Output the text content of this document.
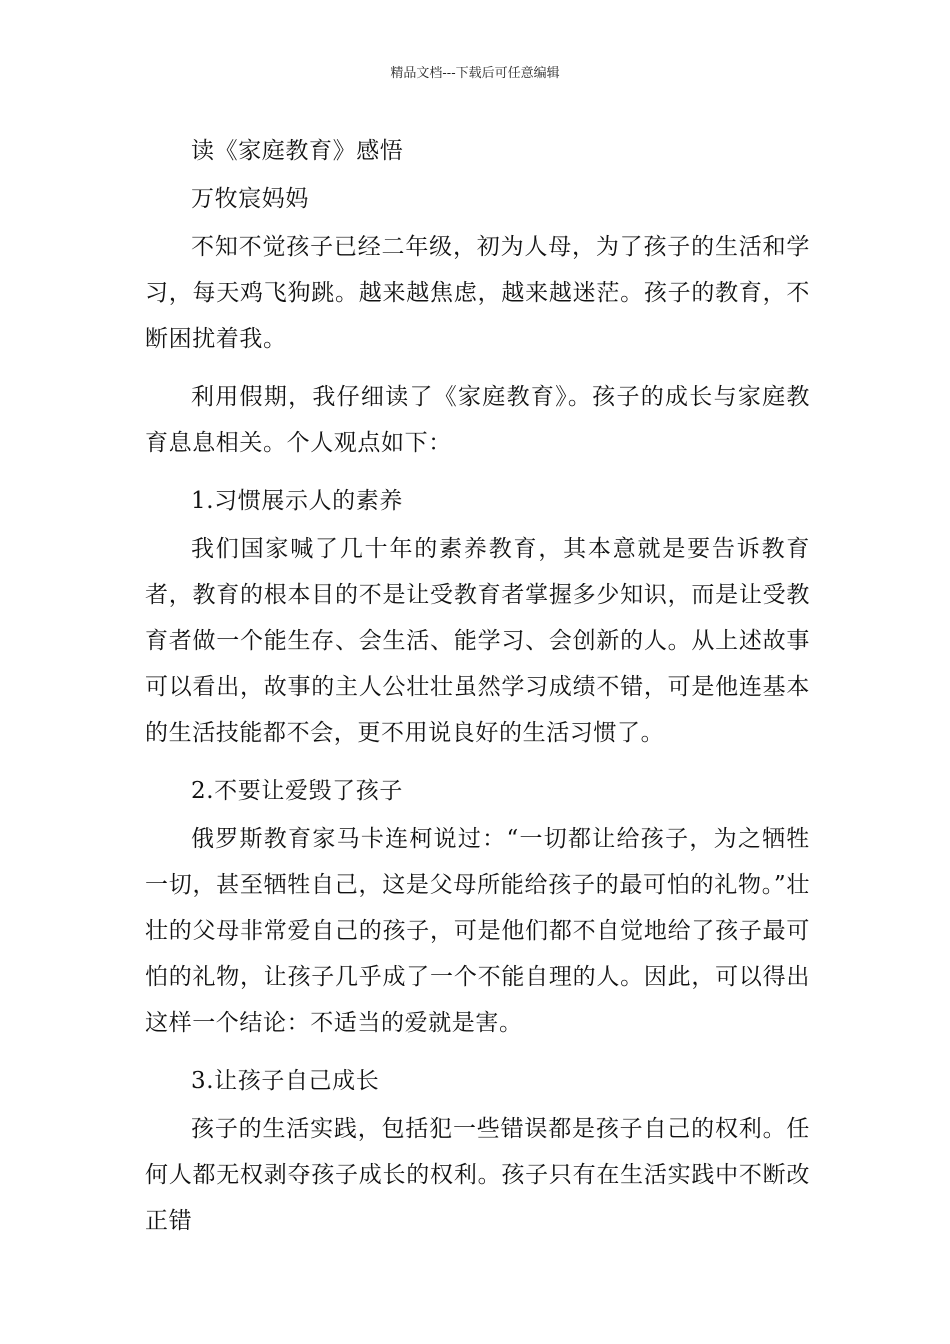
精品文档---下载后可任意编辑

读《家庭教育》感悟

万牧宸妈妈

不知不觉孩子已经二年级，初为人母，为了孩子的生活和学习，每天鸡飞狗跳。越来越焦虑，越来越迷茫。孩子的教育，不断困扰着我。

利用假期，我仔细读了《家庭教育》。孩子的成长与家庭教育息息相关。个人观点如下：

1.习惯展示人的素养

我们国家喊了几十年的素养教育，其本意就是要告诉教育者，教育的根本目的不是让受教育者掌握多少知识，而是让受教育者做一个能生存、会生活、能学习、会创新的人。从上述故事可以看出，故事的主人公壮壮虽然学习成绩不错，可是他连基本的生活技能都不会，更不用说良好的生活习惯了。

2.不要让爱毁了孩子

俄罗斯教育家马卡连柯说过：“一切都让给孩子，为之牺牲一切，甚至牺牲自己，这是父母所能给孩子的最可怕的礼物。”壮壮的父母非常爱自己的孩子，可是他们都不自觉地给了孩子最可怕的礼物，让孩子几乎成了一个不能自理的人。因此，可以得出这样一个结论：不适当的爱就是害。

3.让孩子自己成长

孩子的生活实践，包括犯一些错误都是孩子自己的权利。任何人都无权剥夺孩子成长的权利。孩子只有在生活实践中不断改正错
